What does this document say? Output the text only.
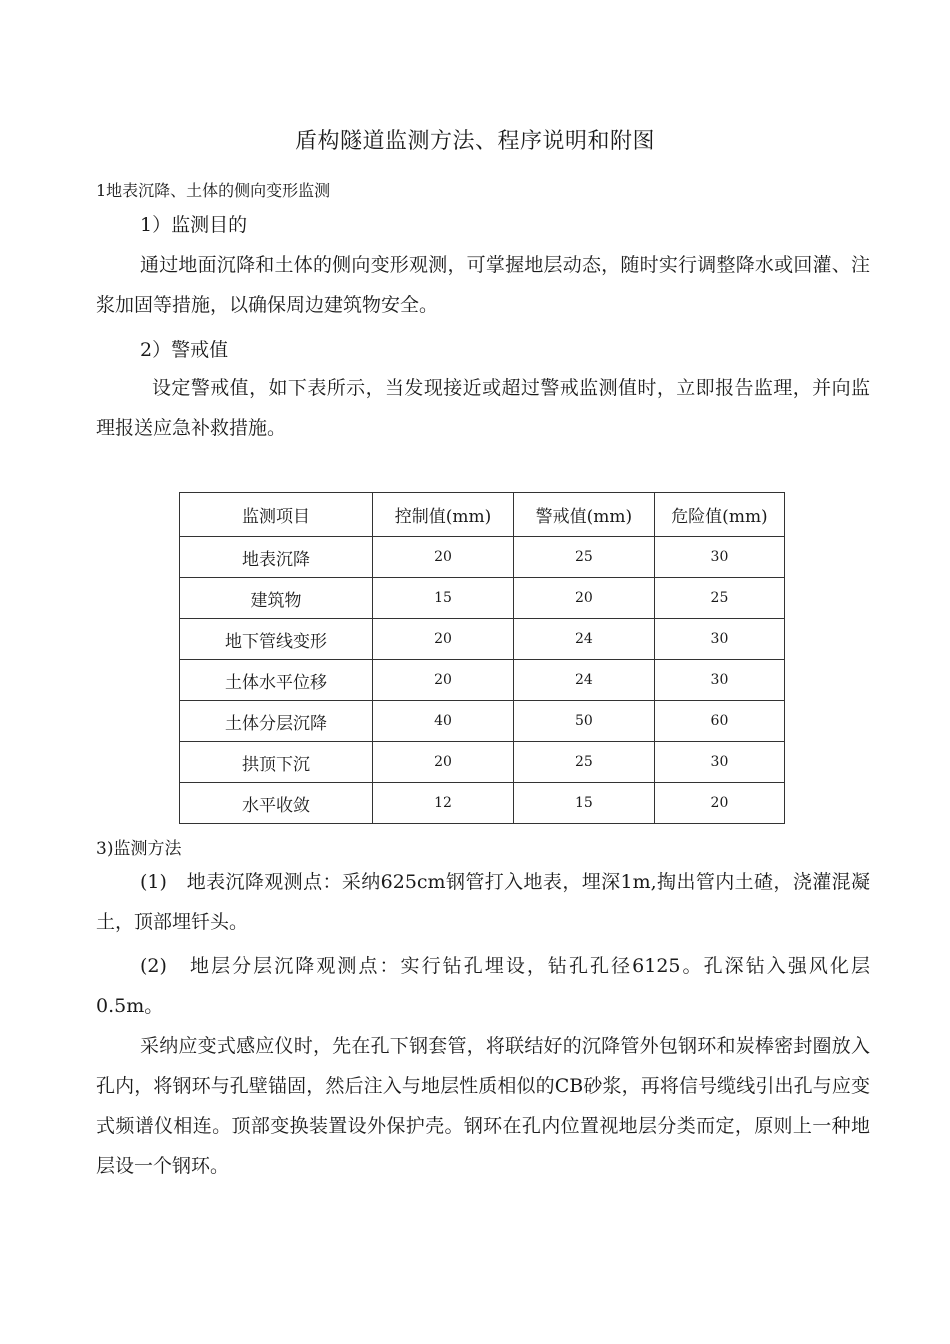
盾构隧道监测方法、程序说明和附图
1地表沉降、土体的侧向变形监测
1）监测目的

通过地面沉降和土体的侧向变形观测，可掌握地层动态，随时实行调整降水或回灌、注浆加固等措施，以确保周边建筑物安全。

2）警戒值

设定警戒值，如下表所示，当发现接近或超过警戒监测值时，立即报告监理，并向监理报送应急补救措施。

监测项目	控制值(mm)	警戒值(mm)	危险值(mm)
地表沉降	20	25	30
建筑物	15	20	25
地下管线变形	20	24	30
土体水平位移	20	24	30
土体分层沉降	40	50	60
拱顶下沉	20	25	30
水平收敛	12	15	20
3)监测方法

(1)　地表沉降观测点：采纳625cm钢管打入地表，埋深1m,掏出管内土碴，浇灌混凝土，顶部埋钎头。

(2)　地层分层沉降观测点：实行钻孔埋设，钻孔孔径6125。孔深钻入强风化层0.5m。

采纳应变式感应仪时，先在孔下钢套管，将联结好的沉降管外包钢环和炭棒密封圈放入孔内，将钢环与孔壁锚固，然后注入与地层性质相似的CB砂浆，再将信号缆线引出孔与应变式频谱仪相连。顶部变换装置设外保护壳。钢环在孔内位置视地层分类而定，原则上一种地层设一个钢环。
